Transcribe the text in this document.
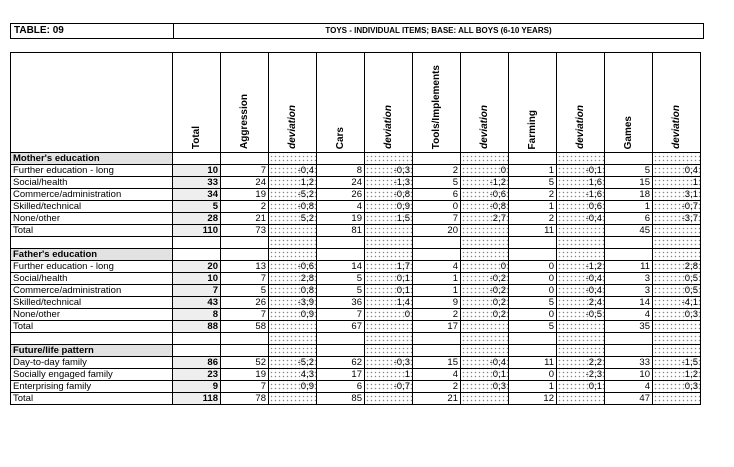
TABLE: 09	TOYS - INDIVIDUAL ITEMS; BASE: ALL BOYS (6-10 YEARS)

	Total	Aggression	deviation	Cars	deviation	Tools/Implements	deviation	Farming	deviation	Games	deviation

Mother's education											
Further education - long	10	7	-0,4	8	-0,3	2	0	1	-0,1	5	0,4
Social/health	33	24	1,2	24	-1,3	5	-1,2	5	1,6	15	1
Commerce/administration	34	19	-5,2	26	-0,8	6	-0,6	2	-1,6	18	3,1
Skilled/technical	5	2	-0,8	4	0,9	0	-0,8	1	0,6	1	-0,7
None/other	28	21	5,2	19	1,5	7	2,7	2	-0,4	6	-3,7
Total	110	73		81		20		11		45	

Father's education											
Further education - long	20	13	-0,6	14	1,7	4	0	0	-1,2	11	2,8
Social/health	10	7	2,8	5	0,1	1	-0,2	0	-0,4	3	0,5
Commerce/administration	7	5	0,8	5	0,1	1	-0,2	0	-0,4	3	0,5
Skilled/technical	43	26	-3,9	36	1,4	9	0,2	5	2,4	14	-4,1
None/other	8	7	0,9	7	0	2	0,2	0	-0,5	4	0,3
Total	88	58		67		17		5		35	

Future/life pattern											
Day-to-day family	86	52	-5,2	62	-0,3	15	-0,4	11	2,2	33	-1,5
Socially engaged family	23	19	4,3	17	1	4	0,1	0	-2,3	10	1,2
Enterprising family	9	7	0,9	6	-0,7	2	0,3	1	0,1	4	0,3
Total	118	78		85		21		12		47	
